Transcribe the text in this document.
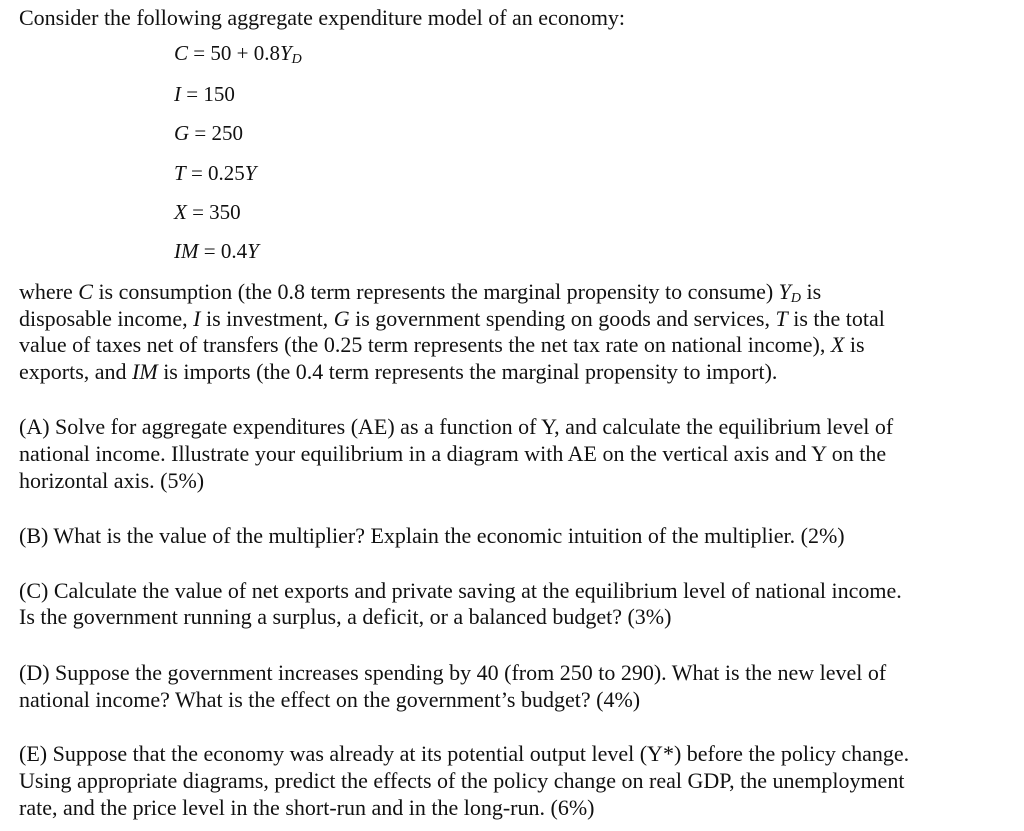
Consider the following aggregate expenditure model of an economy:
$C = 50 + 0.8Y_D$
I = 150
G = 250
T = 0.25Y
X = 350
IM = 0.4Y
where C is consumption (the 0.8 term represents the marginal propensity to consume) $Y_D$ is
disposable income, I is investment, G is government spending on goods and services, T is the total
value of taxes net of transfers (the 0.25 term represents the net tax rate on national income), X is
exports, and IM is imports (the 0.4 term represents the marginal propensity to import).
(A) Solve for aggregate expenditures (AE) as a function of Y, and calculate the equilibrium level of
national income. Illustrate your equilibrium in a diagram with AE on the vertical axis and Y on the
horizontal axis. (5%)
(B) What is the value of the multiplier? Explain the economic intuition of the multiplier. (2%)
(C) Calculate the value of net exports and private saving at the equilibrium level of national income.
Is the government running a surplus, a deficit, or a balanced budget? (3%)
(D) Suppose the government increases spending by 40 (from 250 to 290). What is the new level of
national income? What is the effect on the government’s budget? (4%)
(E) Suppose that the economy was already at its potential output level (Y*) before the policy change.
Using appropriate diagrams, predict the effects of the policy change on real GDP, the unemployment
rate, and the price level in the short-run and in the long-run. (6%)
